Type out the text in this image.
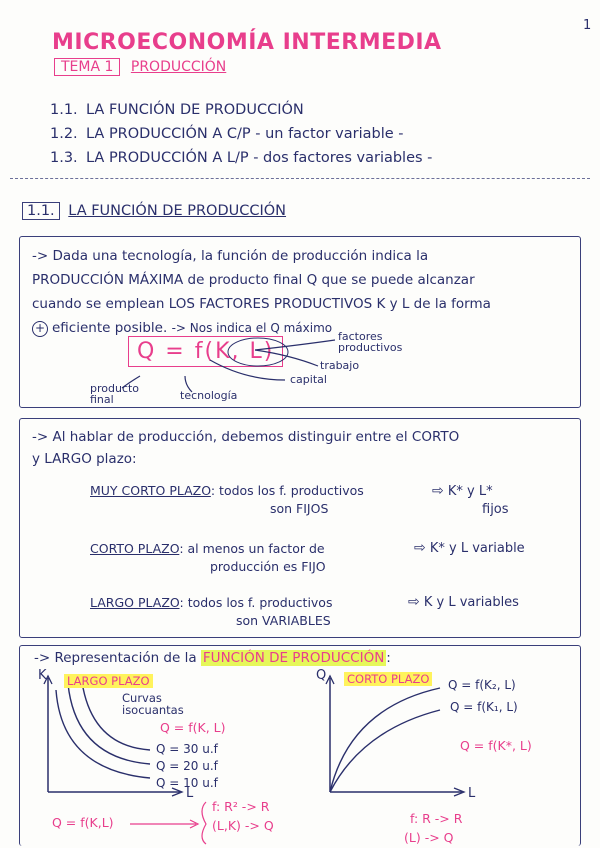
1
MICROECONOMÍA INTERMEDIA
TEMA 1 PRODUCCIÓN
1.1. LA FUNCIÓN DE PRODUCCIÓN
1.2. LA PRODUCCIÓN A C/P - un factor variable -
1.3. LA PRODUCCIÓN A L/P - dos factores variables -
1.1. LA FUNCIÓN DE PRODUCCIÓN
-> Dada una tecnología, la función de producción indica la
PRODUCCIÓN MÁXIMA de producto final Q que se puede alcanzar
cuando se emplean LOS FACTORES PRODUCTIVOS K y L de la forma
+ eficiente posible. -> Nos indica el Q máximo
Q = f(K, L)
factores productivos
trabajo
capital
producto final	tecnología
-> Al hablar de producción, debemos distinguir entre el CORTO
y LARGO plazo:
MUY CORTO PLAZO: todos los f. productivos
son FIJOS
⇨ K* y L*
fijos
CORTO PLAZO: al menos un factor de
producción es FIJO
⇨ K* y L variable
LARGO PLAZO: todos los f. productivos
son VARIABLES
⇨ K y L variables
-> Representación de la FUNCIÓN DE PRODUCCIÓN :
K
L
LARGO PLAZO
Curvas isocuantas
Q = f(K, L)
Q = 30 u.f
Q = 20 u.f
Q = 10 u.f
Q = f(K,L)
f: R² -> R
(L,K) -> Q
Q
L
CORTO PLAZO Q = f(K₂, L)
Q = f(K₁, L)
Q = f(K*, L)
f: R -> R
(L) -> Q
